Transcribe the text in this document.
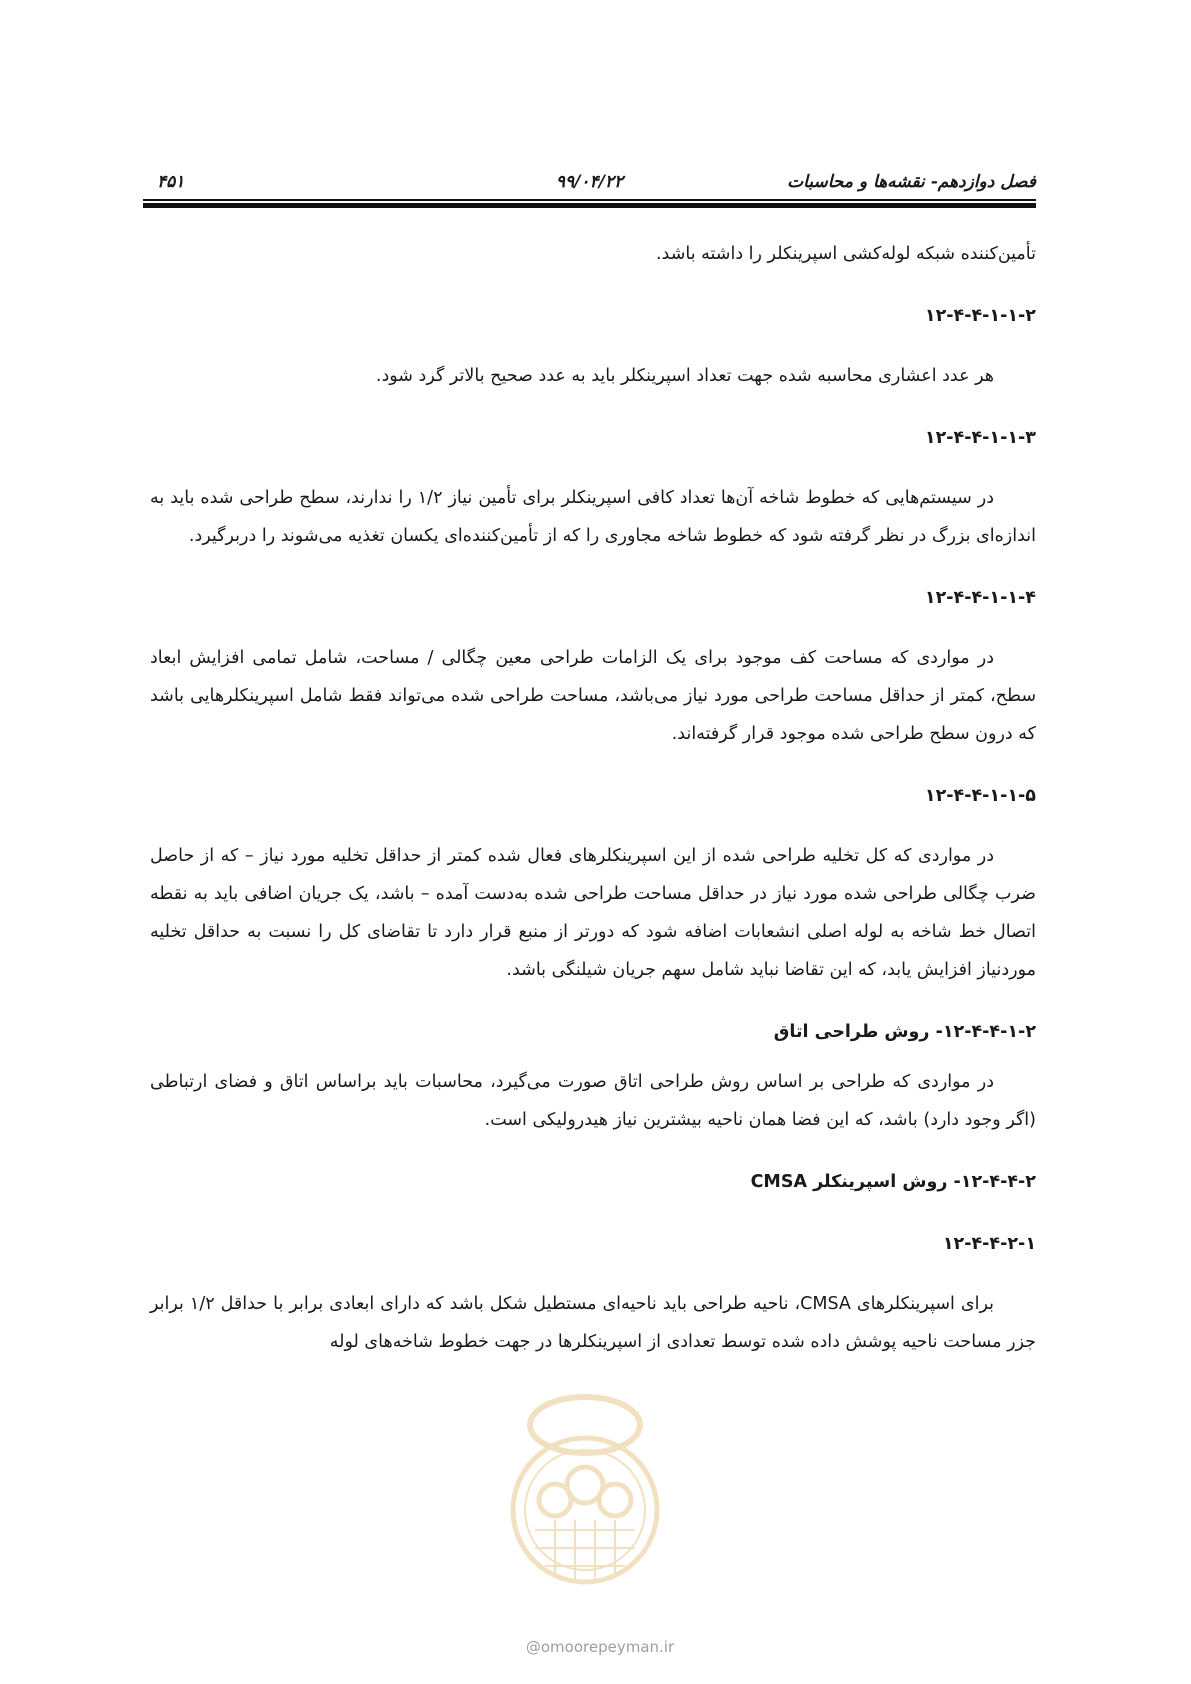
فصل دوازدهم- نقشه‌ها و محاسبات
۹۹/۰۴/۲۲
۴۵۱
تأمین‌کننده شبکه لوله‌کشی اسپرینکلر را داشته باشد.
۱۲-۴-۴-۱-۱-۲
هر عدد اعشاری محاسبه شده جهت تعداد اسپرینکلر باید به عدد صحیح بالاتر گرد شود.
۱۲-۴-۴-۱-۱-۳
در سیستم‌هایی که خطوط شاخه آن‌ها تعداد کافی اسپرینکلر برای تأمین نیاز ۱/۲ را ندارند، سطح طراحی شده باید به اندازه‌ای بزرگ در نظر گرفته شود که خطوط شاخه مجاوری را که از تأمین‌کننده‌ای یکسان تغذیه می‌شوند را دربرگیرد.
۱۲-۴-۴-۱-۱-۴
در مواردی که مساحت کف موجود برای یک الزامات طراحی معین چگالی / مساحت، شامل تمامی افزایش ابعاد سطح، کمتر از حداقل مساحت طراحی مورد نیاز می‌باشد، مساحت طراحی شده می‌تواند فقط شامل اسپرینکلرهایی باشد که درون سطح طراحی شده موجود قرار گرفته‌اند.
۱۲-۴-۴-۱-۱-۵
در مواردی که کل تخلیه طراحی شده از این اسپرینکلرهای فعال شده کمتر از حداقل تخلیه مورد نیاز – که از حاصل ضرب چگالی طراحی شده مورد نیاز در حداقل مساحت طراحی شده به‌دست آمده – باشد، یک جریان اضافی باید به نقطه اتصال خط شاخه به لوله اصلی انشعابات اضافه شود که دورتر از منبع قرار دارد تا تقاضای کل را نسبت به حداقل تخلیه موردنیاز افزایش یابد، که این تقاضا نباید شامل سهم جریان شیلنگی باشد.
۱۲-۴-۴-۱-۲- روش طراحی اتاق
در مواردی که طراحی بر اساس روش طراحی اتاق صورت می‌گیرد، محاسبات باید براساس اتاق و فضای ارتباطی (اگر وجود دارد) باشد، که این فضا همان ناحیه بیشترین نیاز هیدرولیکی است.
۱۲-۴-۴-۲- روش اسپرینکلر CMSA
۱۲-۴-۴-۲-۱
برای اسپرینکلرهای CMSA، ناحیه طراحی باید ناحیه‌ای مستطیل شکل باشد که دارای ابعادی برابر با حداقل ۱/۲ برابر جزر مساحت ناحیه پوشش داده شده توسط تعدادی از اسپرینکلرها در جهت خطوط شاخه‌های لوله
@omoorepeyman.ir
